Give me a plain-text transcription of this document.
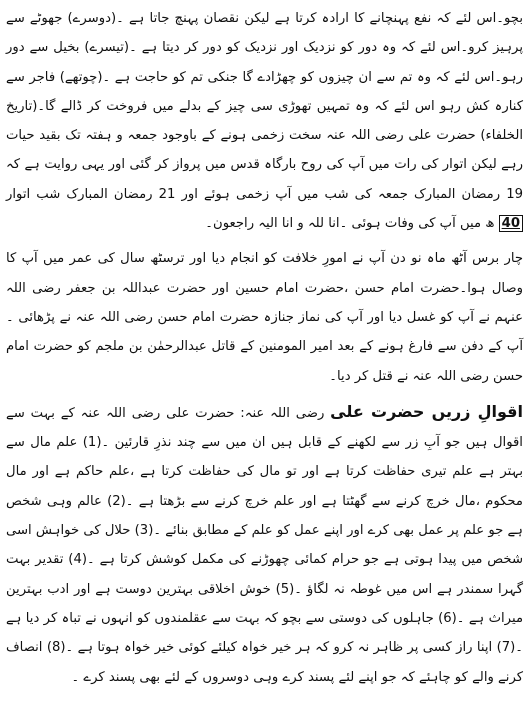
بچو۔اس لئے کہ نفع پہنچانے کا ارادہ کرتا ہے لیکن نقصان پہنچ جاتا ہے ۔(دوسرے) جھوٹے سے پرہیز کرو۔اس لئے کہ وہ دور کو نزدیک اور نزدیک کو دور کر دیتا ہے ۔(تیسرے) بخیل سے دور رہو۔اس لئے کہ وہ تم سے ان چیزوں کو چھڑادے گا جنکی تم کو حاجت ہے ۔(چوتھے) فاجر سے کنارہ کش رہو اس لئے کہ وہ تمہیں تھوڑی سی چیز کے بدلے میں فروخت کر ڈالے گا۔(تاریخ الخلفاء) حضرت علی رضی اللہ عنہ سخت زخمی ہونے کے باوجود جمعہ و ہفتہ تک بقید حیات رہے لیکن اتوار کی رات میں آپ کی روح بارگاہ قدس میں پرواز کر گئی اور یہی روایت ہے کہ 19 رمضان المبارک جمعہ کی شب میں آپ زخمی ہوئے اور 21 رمضان المبارک شب اتوار 40 ھ میں آپ کی وفات ہوئی ۔انا للہ و انا الیہ راجعون۔

چار برس آٹھ ماہ نو دن آپ نے امورِ خلافت کو انجام دیا اور ترسٹھ سال کی عمر میں آپ کا وصال ہوا۔حضرت امام حسن ،حضرت امام حسین اور حضرت عبداللہ بن جعفر رضی اللہ عنہم نے آپ کو غسل دیا اور آپ کی نماز جنازہ حضرت امام حسن رضی اللہ عنہ نے پڑھائی ۔آپ کے دفن سے فارغ ہونے کے بعد امیر المومنین کے قاتل عبدالرحمٰن بن ملجم کو حضرت امام حسن رضی اللہ عنہ نے قتل کر دیا۔

اقوالِ زریں حضرت علی رضی اللہ عنہ: حضرت علی رضی اللہ عنہ کے بہت سے اقوال ہیں جو آبِ زر سے لکھنے کے قابل ہیں ان میں سے چند نذرِ قارئین ۔(1) علم مال سے بہتر ہے علم تیری حفاظت کرتا ہے اور تو مال کی حفاظت کرتا ہے ،علم حاکم ہے اور مال محکوم ،مال خرچ کرنے سے گھٹتا ہے اور علم خرچ کرنے سے بڑھتا ہے ۔(2) عالم وہی شخص ہے جو علم پر عمل بھی کرے اور اپنے عمل کو علم کے مطابق بنائے ۔(3) حلال کی خواہش اسی شخص میں پیدا ہوتی ہے جو حرام کمائی چھوڑنے کی مکمل کوشش کرتا ہے ۔(4) تقدیر بہت گہرا سمندر ہے اس میں غوطہ نہ لگاؤ ۔(5) خوش اخلاقی بہترین دوست ہے اور ادب بہترین میراث ہے ۔(6) جاہلوں کی دوستی سے بچو کہ بہت سے عقلمندوں کو انہوں نے تباہ کر دیا ہے ۔(7) اپنا راز کسی پر ظاہر نہ کرو کہ ہر خیر خواہ کیلئے کوئی خیر خواہ ہوتا ہے ۔(8) انصاف کرنے والے کو چاہئے کہ جو اپنے لئے پسند کرے وہی دوسروں کے لئے بھی پسند کرے ۔
